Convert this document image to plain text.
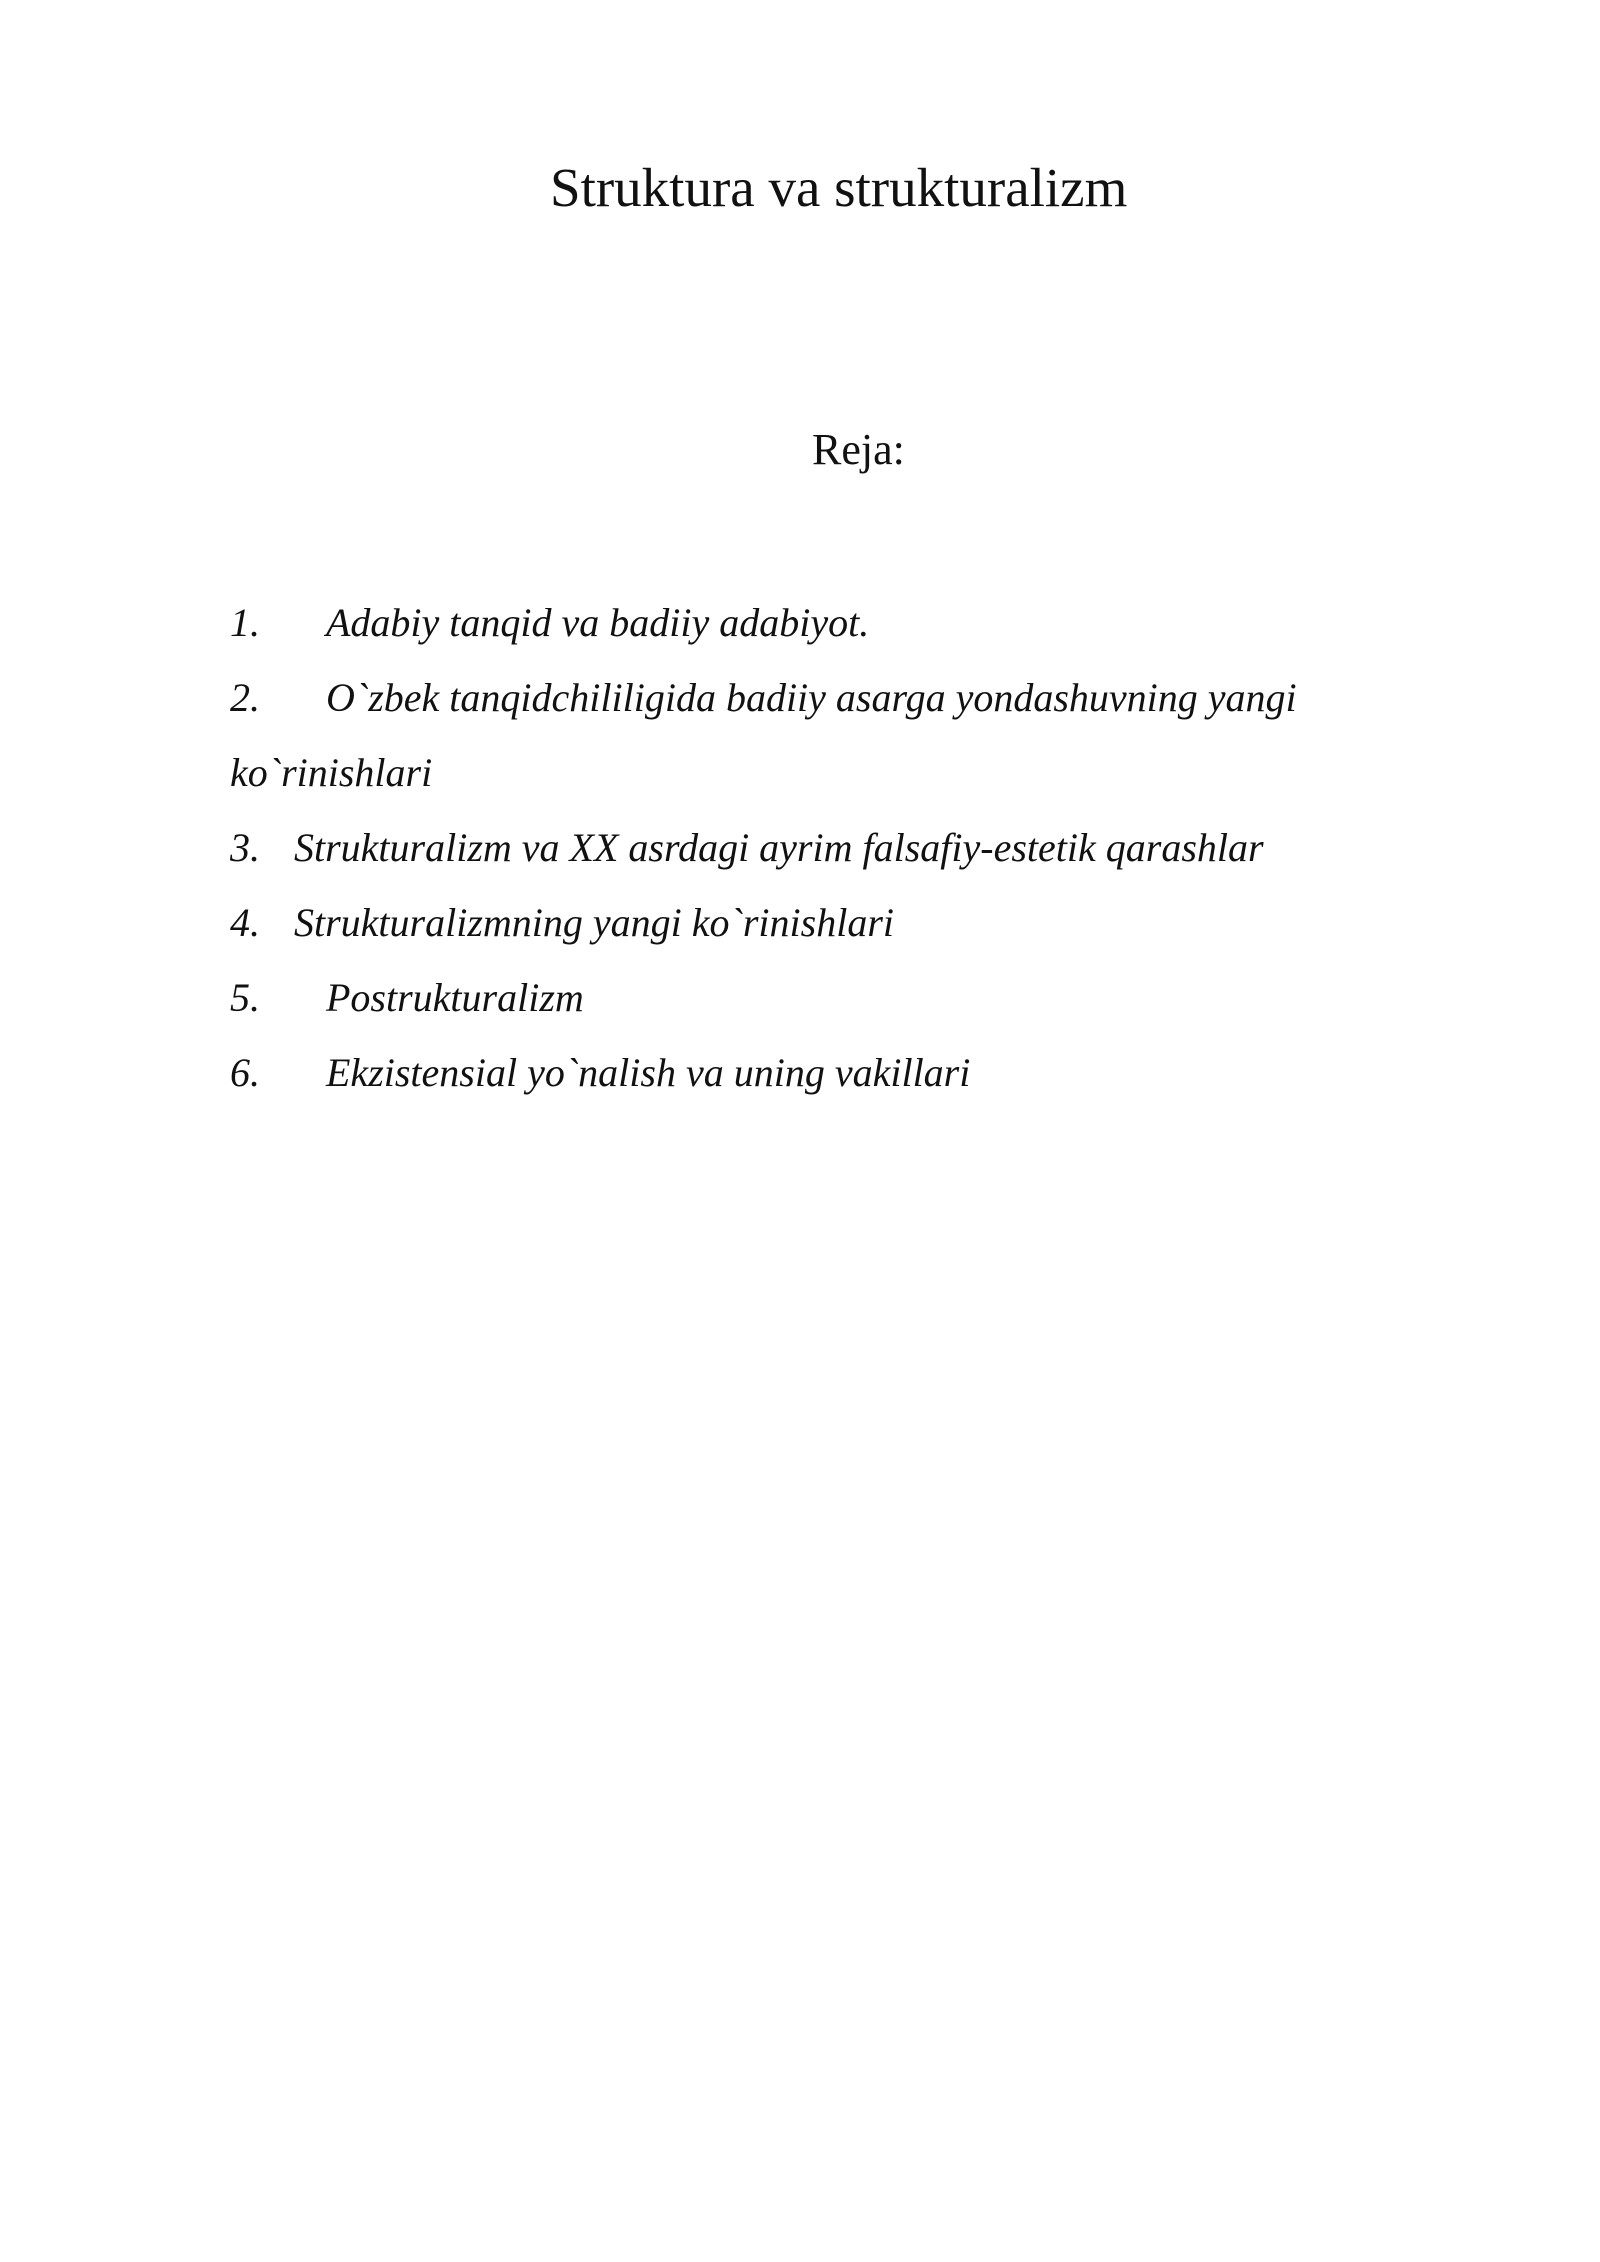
Struktura va strukturalizm
Reja:
1. Adabiy tanqid va badiiy adabiyot.
2. O`zbek tanqidchililigida badiiy asarga yondashuvning yangi
ko`rinishlari
3. Strukturalizm va XX asrdagi ayrim falsafiy-estetik qarashlar
4. Strukturalizmning yangi ko`rinishlari
5. Postrukturalizm
6. Ekzistensial yo`nalish va uning vakillari
